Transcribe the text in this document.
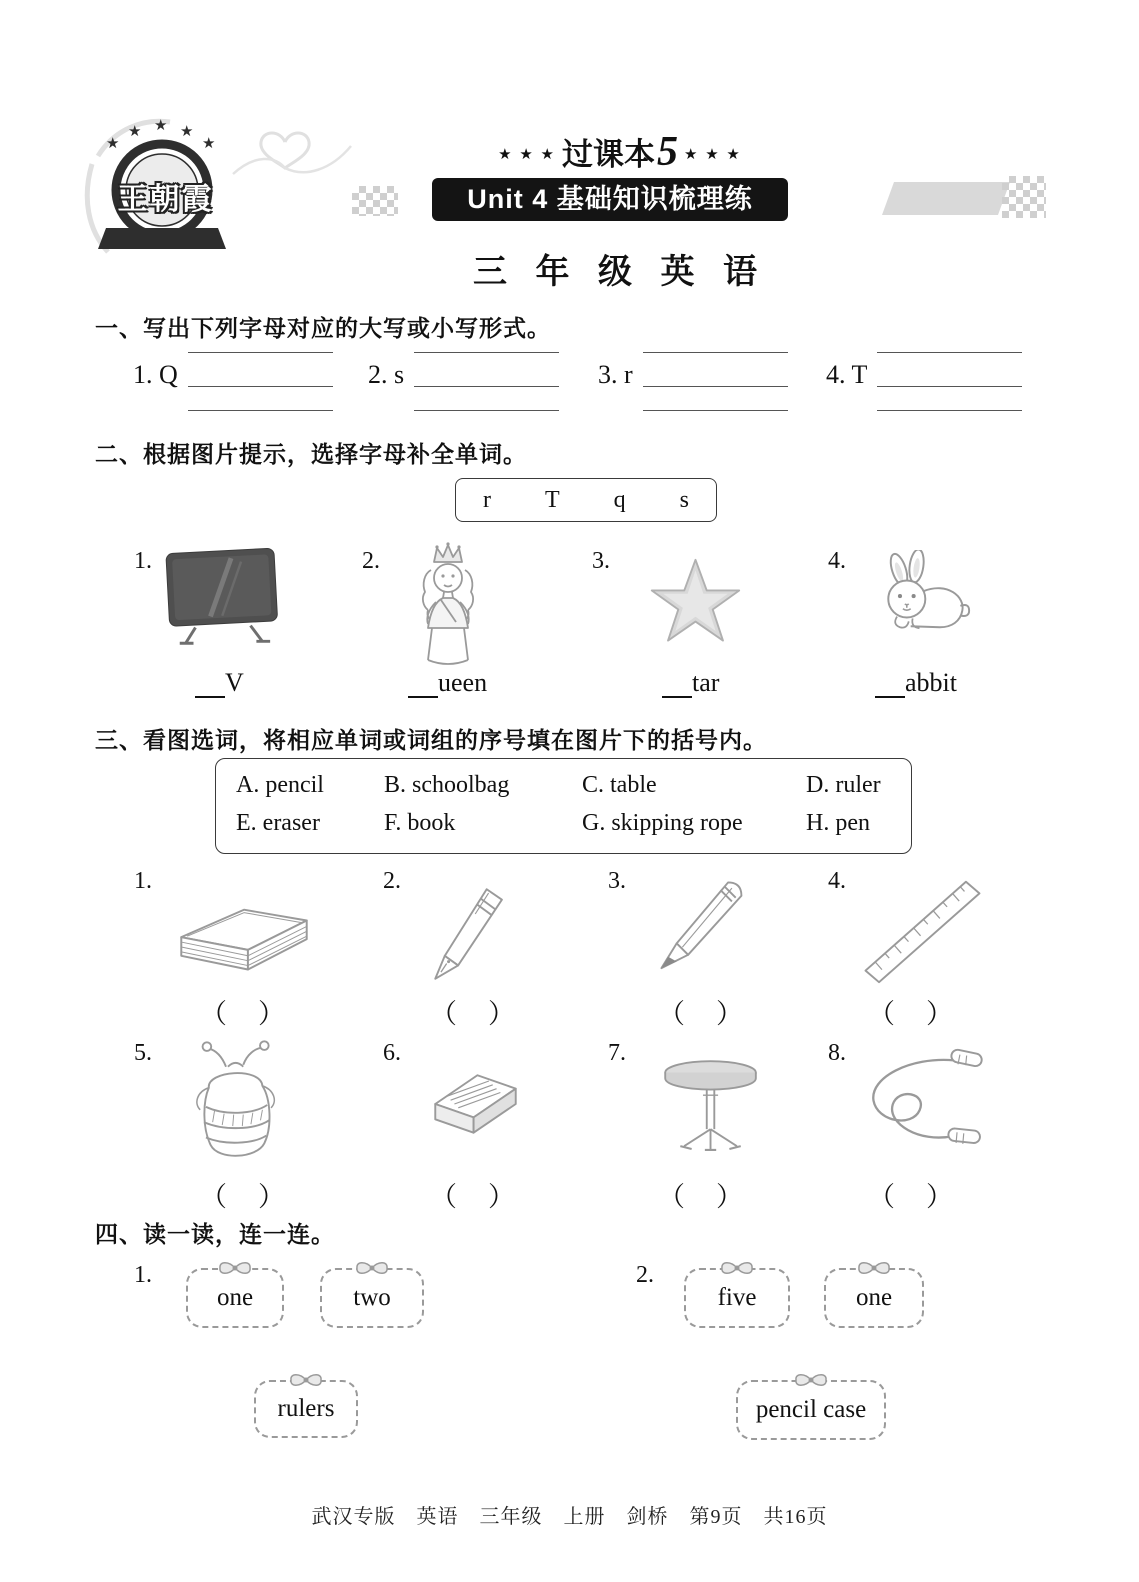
★
★ ★ ★
★
王朝霞
★ ★ ★ 过课本5 ★ ★ ★
Unit 4 基础知识梳理练
三 年 级 英 语
一、写出下列字母对应的大写或小写形式。
1. Q	2. s	3. r	4. T
二、根据图片提示，选择字母补全单词。
r T q s
1.	2.	3.	4.
V	ueen	tar	abbit
三、看图选词，将相应单词或词组的序号填在图片下的括号内。
A. pencil	B. schoolbag	C. table	D. ruler
E. eraser	F. book	G. skipping rope	H. pen
1.	2.	3.	4.
（　）	（　）	（　）	（　）
5.	6.	7.	8.
（　）	（　）	（　）	（　）
四、读一读，连一连。
1.	2.
one	two	five	one
rulers	pencil case
武汉专版　英语　三年级　上册　剑桥　第9页　共16页
